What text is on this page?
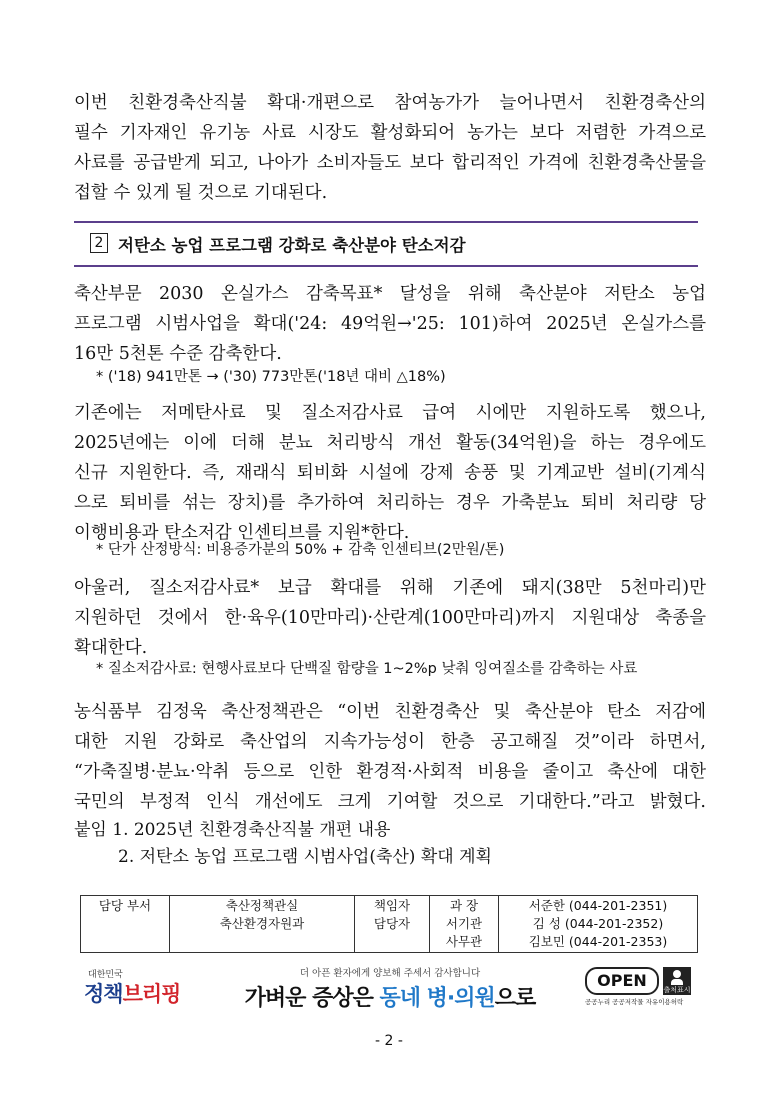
이번 친환경축산직불 확대·개편으로 참여농가가 늘어나면서 친환경축산의
필수 기자재인 유기농 사료 시장도 활성화되어 농가는 보다 저렴한 가격으로
사료를 공급받게 되고, 나아가 소비자들도 보다 합리적인 가격에 친환경축산물을
접할 수 있게 될 것으로 기대된다.
2 저탄소 농업 프로그램 강화로 축산분야 탄소저감
축산부문 2030 온실가스 감축목표* 달성을 위해 축산분야 저탄소 농업
프로그램 시범사업을 확대('24: 49억원→'25: 101)하여 2025년 온실가스를
16만 5천톤 수준 감축한다.
* ('18) 941만톤 → ('30) 773만톤('18년 대비 △18%)
기존에는 저메탄사료 및 질소저감사료 급여 시에만 지원하도록 했으나,
2025년에는 이에 더해 분뇨 처리방식 개선 활동(34억원)을 하는 경우에도
신규 지원한다. 즉, 재래식 퇴비화 시설에 강제 송풍 및 기계교반 설비(기계식
으로 퇴비를 섞는 장치)를 추가하여 처리하는 경우 가축분뇨 퇴비 처리량 당
이행비용과 탄소저감 인센티브를 지원*한다.
* 단가 산정방식: 비용증가분의 50% + 감축 인센티브(2만원/톤)
아울러, 질소저감사료* 보급 확대를 위해 기존에 돼지(38만 5천마리)만
지원하던 것에서 한·육우(10만마리)·산란계(100만마리)까지 지원대상 축종을
확대한다.
* 질소저감사료: 현행사료보다 단백질 함량을 1~2%p 낮춰 잉여질소를 감축하는 사료
농식품부 김정욱 축산정책관은 “이번 친환경축산 및 축산분야 탄소 저감에
대한 지원 강화로 축산업의 지속가능성이 한층 공고해질 것”이라 하면서,
“가축질병·분뇨·악취 등으로 인한 환경적·사회적 비용을 줄이고 축산에 대한
국민의 부정적 인식 개선에도 크게 기여할 것으로 기대한다.”라고 밝혔다.
붙임 1. 2025년 친환경축산직불 개편 내용
2. 저탄소 농업 프로그램 시범사업(축산) 확대 계획
담당 부서	축산정책관실
축산환경자원과

책임자
담당자

과 장
서기관
사무관

서준한 (044-201-2351)
김 성 (044-201-2352)
김보민 (044-201-2353)
대한민국
정책브리핑
더 아픈 환자에게 양보해 주세서 감사합니다
가벼운 증상은 동네 병·의원으로
OPEN	출처표시
공공누리 공공저작물 자유이용허락
- 2 -
